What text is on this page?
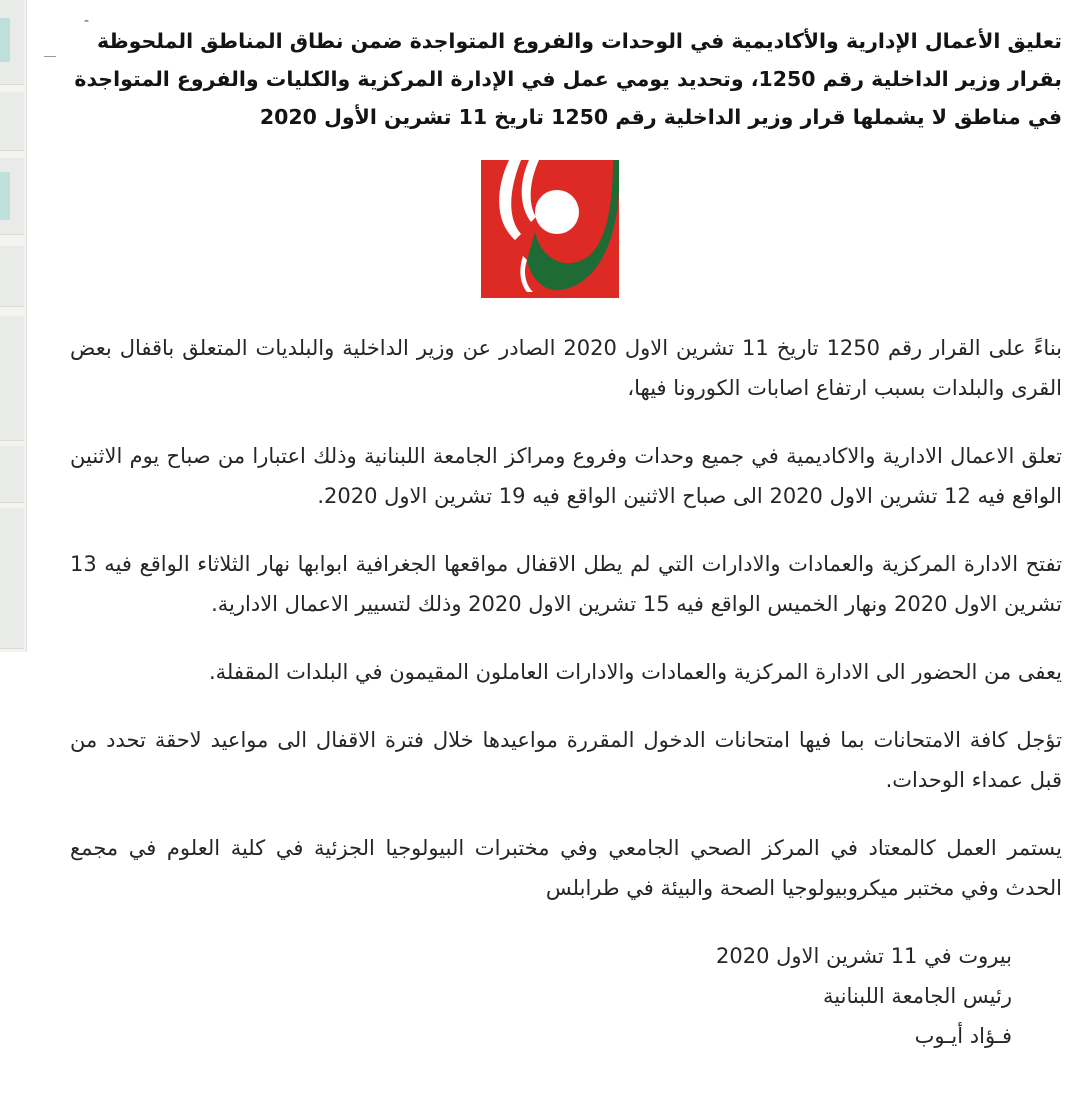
-
تعليق الأعمال الإدارية والأكاديمية في الوحدات والفروع المتواجدة ضمن نطاق المناطق الملحوظة بقرار وزير الداخلية رقم 1250، وتحديد يومي عمل في الإدارة المركزية والكليات والفروع المتواجدة في مناطق لا يشملها قرار وزير الداخلية رقم 1250 تاريخ 11 تشرين الأول 2020

بناءً على القرار رقم 1250 تاريخ 11 تشرين الاول 2020 الصادر عن وزير الداخلية والبلديات المتعلق باقفال بعض القرى والبلدات بسبب ارتفاع اصابات الكورونا فيها،

تعلق الاعمال الادارية والاكاديمية في جميع وحدات وفروع ومراكز الجامعة اللبنانية وذلك اعتبارا من صباح يوم الاثنين الواقع فيه 12 تشرين الاول 2020 الى صباح الاثنين الواقع فيه 19 تشرين الاول 2020.

تفتح الادارة المركزية والعمادات والادارات التي لم يطل الاقفال مواقعها الجغرافية ابوابها نهار الثلاثاء الواقع فيه 13 تشرين الاول 2020 ونهار الخميس الواقع فيه 15 تشرين الاول 2020 وذلك لتسيير الاعمال الادارية.

يعفى من الحضور الى الادارة المركزية والعمادات والادارات العاملون المقيمون في البلدات المقفلة.

تؤجل كافة الامتحانات بما فيها امتحانات الدخول المقررة مواعيدها خلال فترة الاقفال الى مواعيد لاحقة تحدد من قبل عمداء الوحدات.

يستمر العمل كالمعتاد في المركز الصحي الجامعي وفي مختبرات البيولوجيا الجزئية في كلية العلوم في مجمع الحدث وفي مختبر ميكروبيولوجيا الصحة والبيئة في طرابلس

بيروت في 11 تشرين الاول 2020
رئيس الجامعة اللبنانية
فـؤاد أيـوب
